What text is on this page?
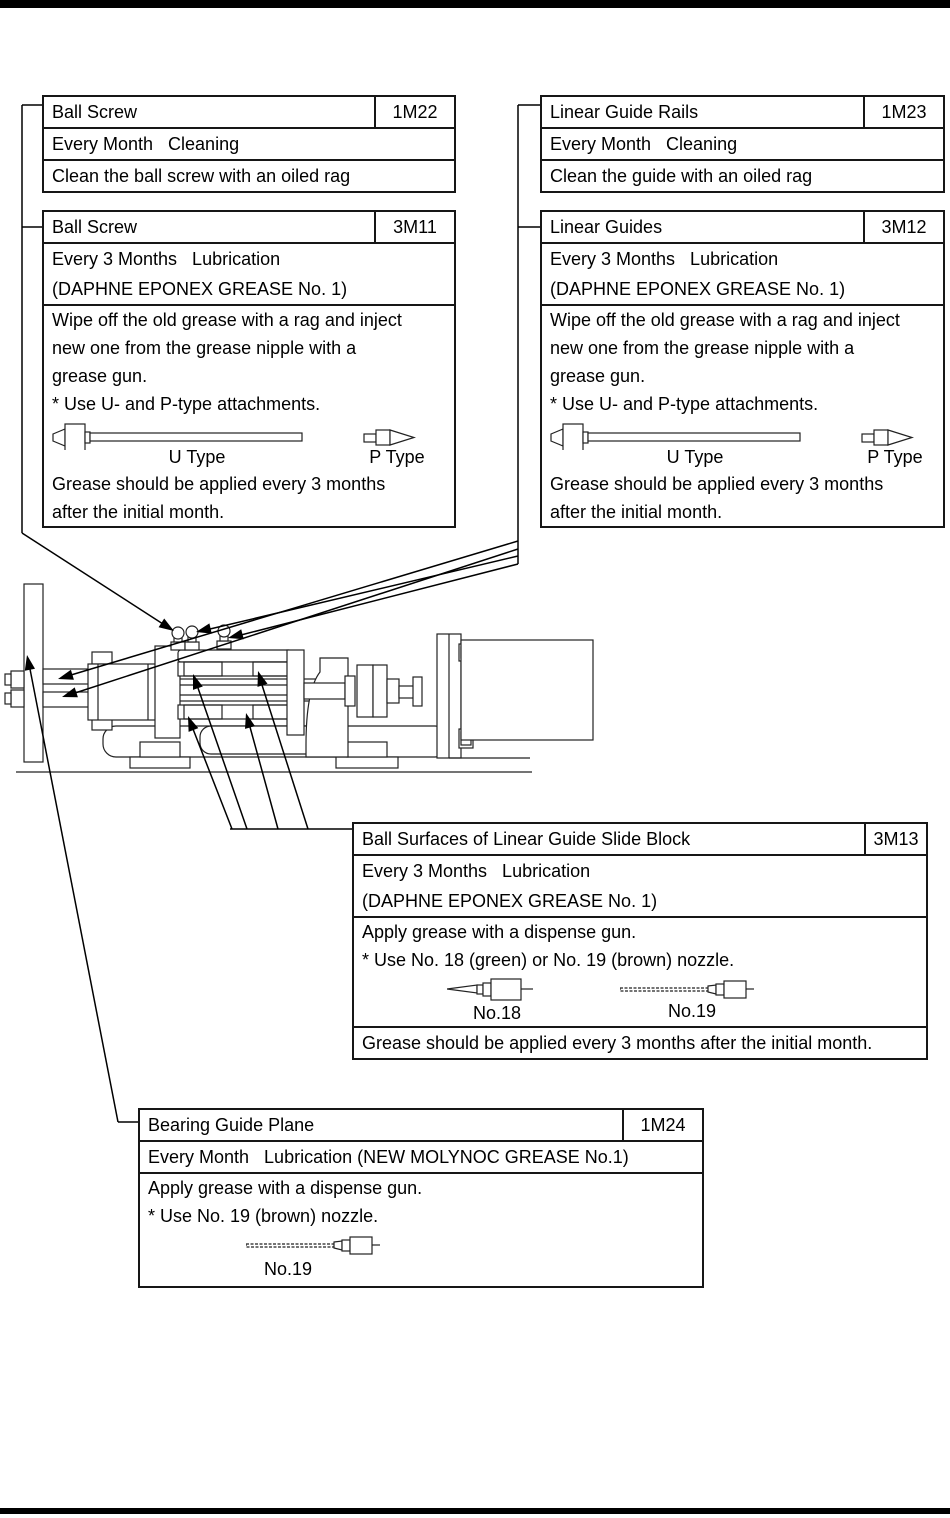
Ball Screw	1M22
Every Month   Cleaning
Clean the ball screw with an oiled rag
Linear Guide Rails	1M23
Every Month   Cleaning
Clean the guide with an oiled rag
Ball Screw	3M11
Every 3 Months   Lubrication
(DAPHNE EPONEX GREASE No. 1)
Wipe off the old grease with a rag and inject
new one from the grease nipple with a
grease gun.
* Use U- and P-type attachments.
U Type	P Type
Grease should be applied every 3 months
after the initial month.
Linear Guides	3M12
Every 3 Months   Lubrication
(DAPHNE EPONEX GREASE No. 1)
Wipe off the old grease with a rag and inject
new one from the grease nipple with a
grease gun.
* Use U- and P-type attachments.
U Type	P Type
Grease should be applied every 3 months
after the initial month.
Ball Surfaces of Linear Guide Slide Block	3M13
Every 3 Months   Lubrication
(DAPHNE EPONEX GREASE No. 1)
Apply grease with a dispense gun.
* Use No. 18 (green) or No. 19 (brown) nozzle.
No.18	No.19
Grease should be applied every 3 months after the initial month.
Bearing Guide Plane	1M24
Every Month   Lubrication (NEW MOLYNOC GREASE No.1)
Apply grease with a dispense gun.
* Use No. 19 (brown) nozzle.
No.19
